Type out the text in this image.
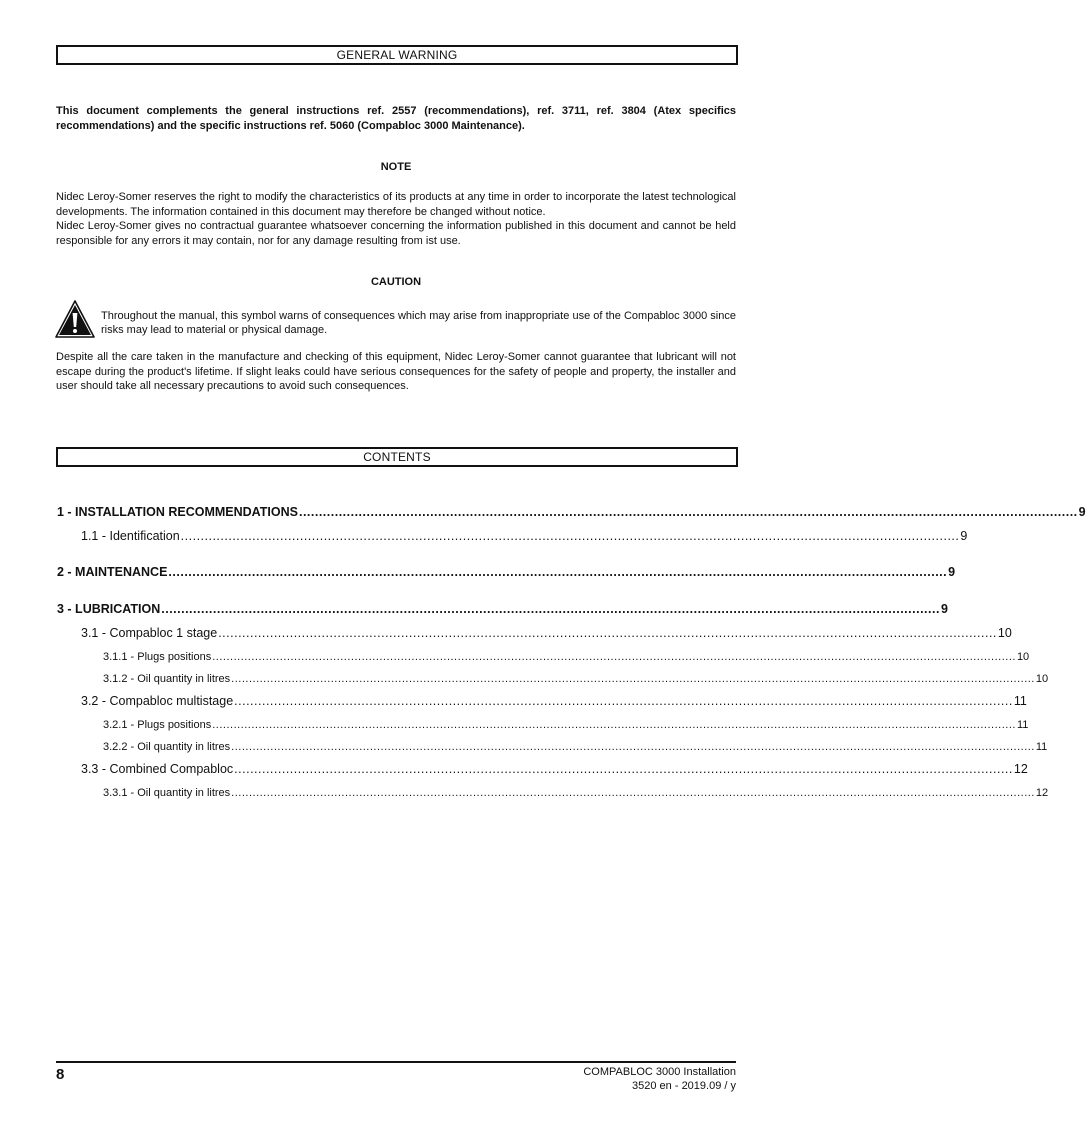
GENERAL WARNING

This document complements the general instructions ref. 2557 (recommendations), ref. 3711, ref. 3804 (Atex specifics recommendations) and the specific instructions ref. 5060 (Compabloc 3000 Maintenance).

NOTE

Nidec Leroy-Somer reserves the right to modify the characteristics of its products at any time in order to incorporate the latest technological developments. The information contained in this document may therefore be changed without notice.

Nidec Leroy-Somer gives no contractual guarantee whatsoever concerning the information published in this document and cannot be held responsible for any errors it may contain, nor for any damage resulting from ist use.

CAUTION

Throughout the manual, this symbol warns of consequences which may arise from inappropriate use of the Compabloc 3000 since risks may lead to material or physical damage.

Despite all the care taken in the manufacture and checking of this equipment, Nidec Leroy-Somer cannot guarantee that lubricant will not escape during the product's lifetime. If slight leaks could have serious consequences for the safety of people and property, the installer and user should take all necessary precautions to avoid such consequences.

CONTENTS
1 - INSTALLATION RECOMMENDATIONS .................................................................................................................................................................................................... 9
1.1 - Identification .................................................................................................................................................................................................... 9
2 - MAINTENANCE .................................................................................................................................................................................................... 9
3 - LUBRICATION .................................................................................................................................................................................................... 9
3.1 - Compabloc 1 stage .................................................................................................................................................................................................... 10
3.1.1 - Plugs positions .................................................................................................................................................................................................................................. 10
3.1.2 - Oil quantity in litres .................................................................................................................................................................................................................................. 10
3.2 - Compabloc multistage .................................................................................................................................................................................................... 11
3.2.1 - Plugs positions .................................................................................................................................................................................................................................. 11
3.2.2 - Oil quantity in litres .................................................................................................................................................................................................................................. 11
3.3 - Combined Compabloc .................................................................................................................................................................................................... 12
3.3.1 - Oil quantity in litres .................................................................................................................................................................................................................................. 12
8	COMPABLOC 3000 Installation
3520 en - 2019.09 / y
